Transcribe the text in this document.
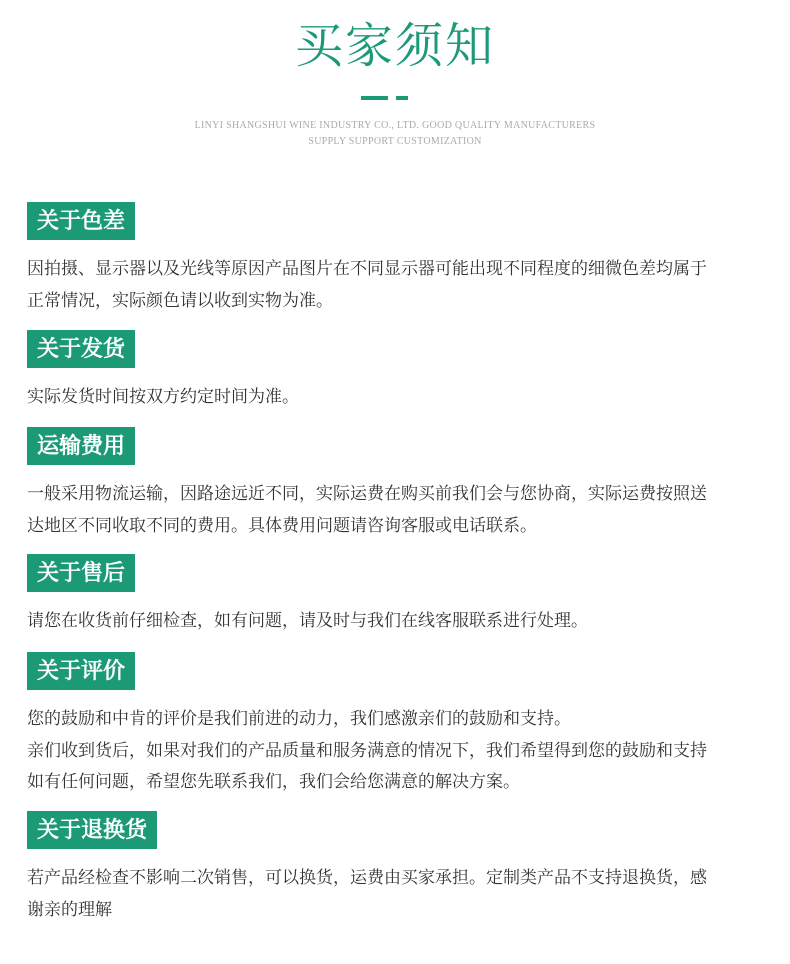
买家须知
LINYI SHANGSHUI WINE INDUSTRY CO., LTD. GOOD QUALITY MANUFACTURERS
SUPPLY SUPPORT CUSTOMIZATION
关于色差
因拍摄、显示器以及光线等原因产品图片在不同显示器可能出现不同程度的细微色差均属于
正常情况，实际颜色请以收到实物为准。
关于发货
实际发货时间按双方约定时间为准。
运输费用
一般采用物流运输，因路途远近不同，实际运费在购买前我们会与您协商，实际运费按照送
达地区不同收取不同的费用。具体费用问题请咨询客服或电话联系。
关于售后
请您在收货前仔细检查，如有问题，请及时与我们在线客服联系进行处理。
关于评价
您的鼓励和中肯的评价是我们前进的动力，我们感激亲们的鼓励和支持。
亲们收到货后，如果对我们的产品质量和服务满意的情况下，我们希望得到您的鼓励和支持
如有任何问题，希望您先联系我们，我们会给您满意的解决方案。
关于退换货
若产品经检查不影响二次销售，可以换货，运费由买家承担。定制类产品不支持退换货，感
谢亲的理解
